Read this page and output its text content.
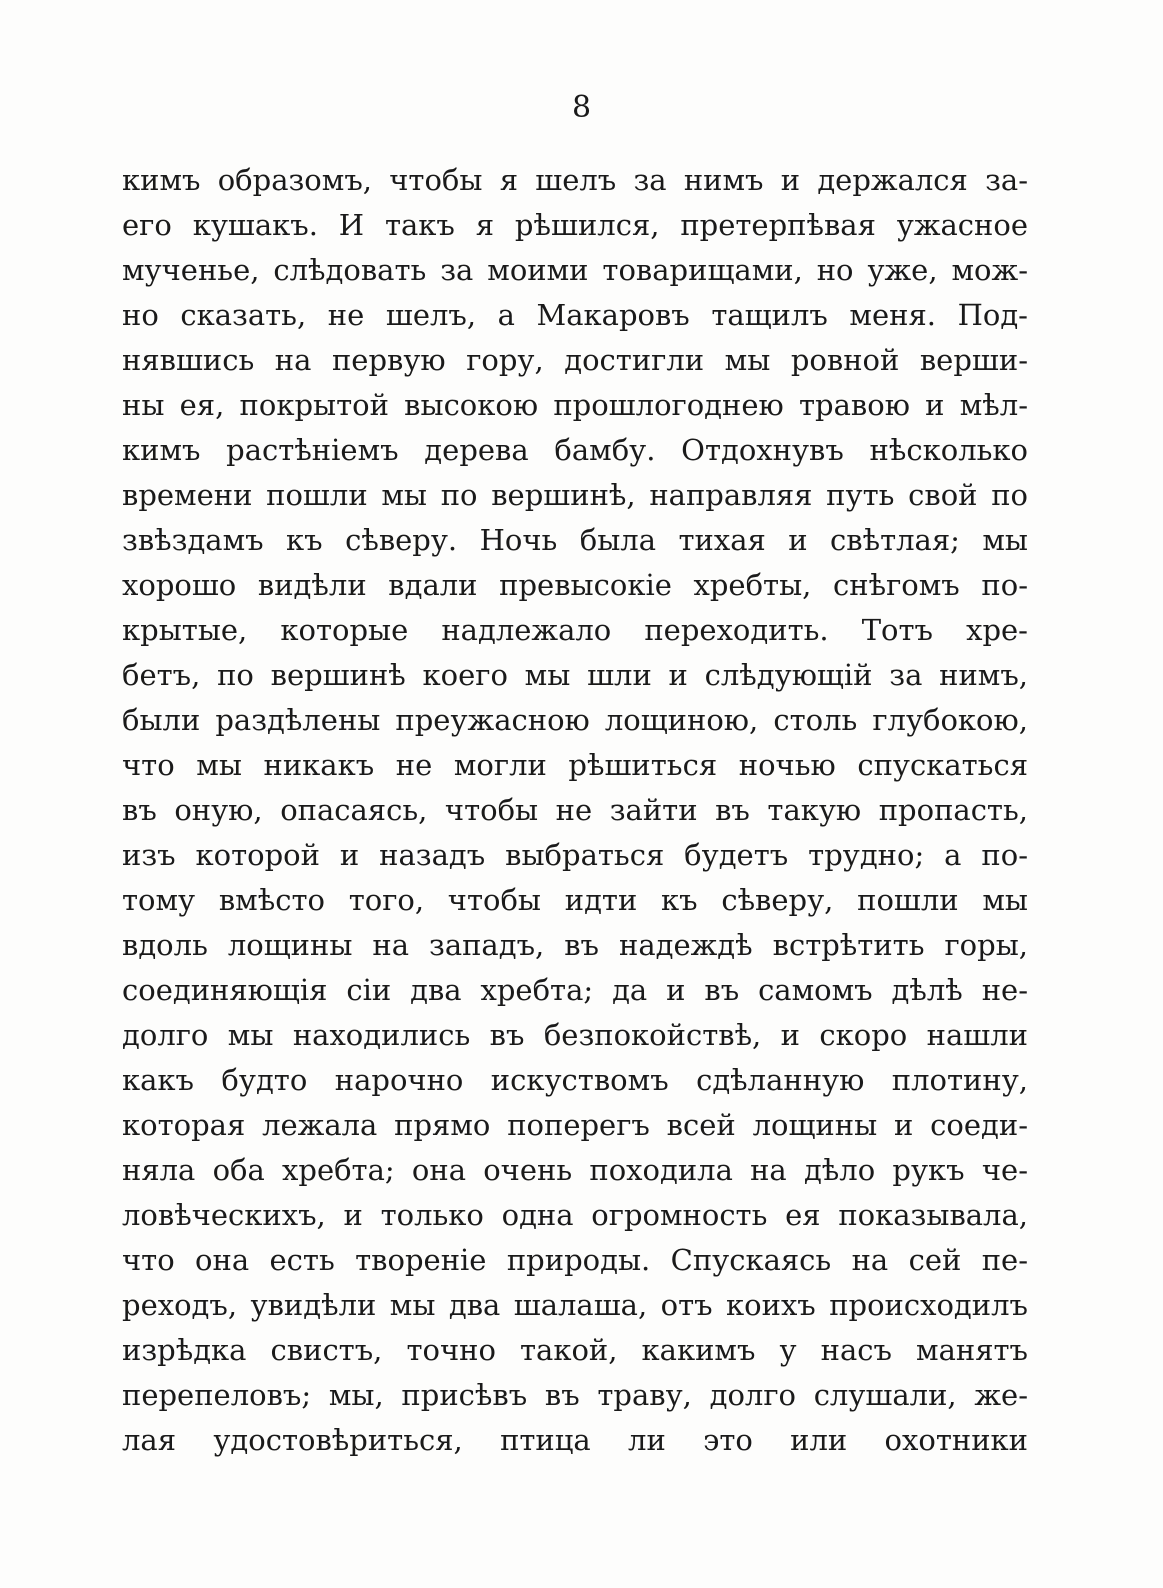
8
кимъ образомъ, чтобы я шелъ за нимъ и держался за-
его кушакъ. И такъ я рѣшился, претерпѣвая ужасное
мученье, слѣдовать за моими товарищами, но уже, мож-
но сказать, не шелъ, а Макаровъ тащилъ меня. Под-
нявшись на первую гору, достигли мы ровной верши-
ны ея, покрытой высокою прошлогоднею травою и мѣл-
кимъ растѣніемъ дерева бамбу. Отдохнувъ нѣсколько
времени пошли мы по вершинѣ, направляя путь свой по
звѣздамъ къ сѣверу. Ночь была тихая и свѣтлая; мы
хорошо видѣли вдали превысокіе хребты, снѣгомъ по-
крытые, которые надлежало переходить. Тотъ хре-
бетъ, по вершинѣ коего мы шли и слѣдующій за нимъ,
были раздѣлены преужасною лощиною, столь глубокою,
что мы никакъ не могли рѣшиться ночью спускаться
въ оную, опасаясь, чтобы не зайти въ такую пропасть,
изъ которой и назадъ выбраться будетъ трудно; а по-
тому вмѣсто того, чтобы идти къ сѣверу, пошли мы
вдоль лощины на западъ, въ надеждѣ встрѣтить горы,
соединяющія сіи два хребта; да и въ самомъ дѣлѣ не-
долго мы находились въ безпокойствѣ, и скоро нашли
какъ будто нарочно искуствомъ сдѣланную плотину,
которая лежала прямо поперегъ всей лощины и соеди-
няла оба хребта; она очень походила на дѣло рукъ че-
ловѣческихъ, и только одна огромность ея показывала,
что она есть твореніе природы. Спускаясь на сей пе-
реходъ, увидѣли мы два шалаша, отъ коихъ происходилъ
изрѣдка свистъ, точно такой, какимъ у насъ манятъ
перепеловъ; мы, присѣвъ въ траву, долго слушали, же-
лая удостовѣриться, птица ли это или охотники
